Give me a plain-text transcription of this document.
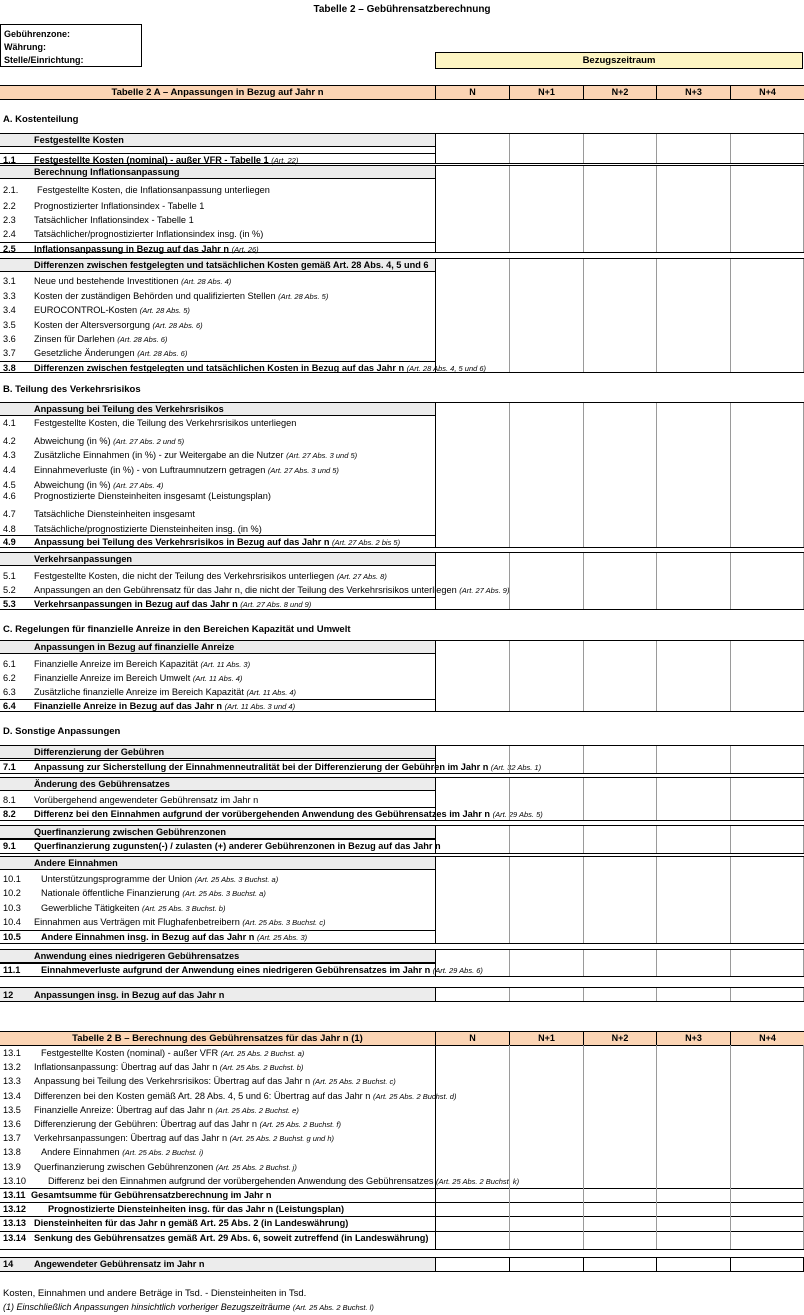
Tabelle 2 – Gebührensatzberechnung
Gebührenzone:
Währung:
Stelle/Einrichtung:	Bezugszeitraum
Tabelle 2 A – Anpassungen in Bezug auf Jahr n	N	N+1	N+2	N+3	N+4
A. Kostenteilung
B. Teilung des Verkehrsrisikos
C. Regelungen für finanzielle Anreize in den Bereichen Kapazität und Umwelt
D. Sonstige Anpassungen
Festgestellte Kosten
1.1 Festgestellte Kosten (nominal) - außer VFR - Tabelle 1 (Art. 22)
Berechnung Inflationsanpassung
2.1. Festgestellte Kosten, die Inflationsanpassung unterliegen
2.2 Prognostizierter Inflationsindex - Tabelle 1
2.3 Tatsächlicher Inflationsindex - Tabelle 1
2.4 Tatsächlicher/prognostizierter Inflationsindex insg. (in %)
2.5 Inflationsanpassung in Bezug auf das Jahr n (Art. 26)
Differenzen zwischen festgelegten und tatsächlichen Kosten gemäß Art. 28 Abs. 4, 5 und 6
3.1 Neue und bestehende Investitionen (Art. 28 Abs. 4)
3.3 Kosten der zuständigen Behörden und qualifizierten Stellen (Art. 28 Abs. 5)
3.4 EUROCONTROL-Kosten (Art. 28 Abs. 5)
3.5 Kosten der Altersversorgung (Art. 28 Abs. 6)
3.6 Zinsen für Darlehen (Art. 28 Abs. 6)
3.7 Gesetzliche Änderungen (Art. 28 Abs. 6)
3.8 Differenzen zwischen festgelegten und tatsächlichen Kosten in Bezug auf das Jahr n (Art. 28 Abs. 4, 5 und 6)
Anpassung bei Teilung des Verkehrsrisikos
4.1 Festgestellte Kosten, die Teilung des Verkehrsrisikos unterliegen
4.2 Abweichung (in %) (Art. 27 Abs. 2 und 5)
4.3 Zusätzliche Einnahmen (in %) - zur Weitergabe an die Nutzer (Art. 27 Abs. 3 und 5)
4.4 Einnahmeverluste (in %) - von Luftraumnutzern getragen (Art. 27 Abs. 3 und 5)
4.5 Abweichung (in %) (Art. 27 Abs. 4)
4.6 Prognostizierte Diensteinheiten insgesamt (Leistungsplan)
4.7 Tatsächliche Diensteinheiten insgesamt
4.8 Tatsächliche/prognostizierte Diensteinheiten insg. (in %)
4.9 Anpassung bei Teilung des Verkehrsrisikos in Bezug auf das Jahr n (Art. 27 Abs. 2 bis 5)
Verkehrsanpassungen
5.1 Festgestellte Kosten, die nicht der Teilung des Verkehrsrisikos unterliegen (Art. 27 Abs. 8)
5.2 Anpassungen an den Gebührensatz für das Jahr n, die nicht der Teilung des Verkehrsrisikos unterliegen (Art. 27 Abs. 9)
5.3 Verkehrsanpassungen in Bezug auf das Jahr n (Art. 27 Abs. 8 und 9)
Anpassungen in Bezug auf finanzielle Anreize
6.1 Finanzielle Anreize im Bereich Kapazität (Art. 11 Abs. 3)
6.2 Finanzielle Anreize im Bereich Umwelt (Art. 11 Abs. 4)
6.3 Zusätzliche finanzielle Anreize im Bereich Kapazität (Art. 11 Abs. 4)
6.4 Finanzielle Anreize in Bezug auf das Jahr n (Art. 11 Abs. 3 und 4)
Differenzierung der Gebühren
7.1 Anpassung zur Sicherstellung der Einnahmenneutralität bei der Differenzierung der Gebühren im Jahr n (Art. 32 Abs. 1)
Änderung des Gebührensatzes
8.1 Vorübergehend angewendeter Gebührensatz im Jahr n
8.2 Differenz bei den Einnahmen aufgrund der vorübergehenden Anwendung des Gebührensatzes im Jahr n (Art. 29 Abs. 5)
Querfinanzierung zwischen Gebührenzonen
9.1 Querfinanzierung zugunsten(-) / zulasten (+) anderer Gebührenzonen in Bezug auf das Jahr n
Andere Einnahmen
10.1 Unterstützungsprogramme der Union (Art. 25 Abs. 3 Buchst. a)
10.2 Nationale öffentliche Finanzierung (Art. 25 Abs. 3 Buchst. a)
10.3 Gewerbliche Tätigkeiten (Art. 25 Abs. 3 Buchst. b)
10.4 Einnahmen aus Verträgen mit Flughafenbetreibern (Art. 25 Abs. 3 Buchst. c)
10.5 Andere Einnahmen insg. in Bezug auf das Jahr n (Art. 25 Abs. 3)
Anwendung eines niedrigeren Gebührensatzes
11.1 Einnahmeverluste aufgrund der Anwendung eines niedrigeren Gebührensatzes im Jahr n (Art. 29 Abs. 6)
12 Anpassungen insg. in Bezug auf das Jahr n
Tabelle 2 B – Berechnung des Gebührensatzes für das Jahr n (1)	N	N+1	N+2	N+3	N+4
13.1 Festgestellte Kosten (nominal) - außer VFR (Art. 25 Abs. 2 Buchst. a)
13.2 Inflationsanpassung: Übertrag auf das Jahr n (Art. 25 Abs. 2 Buchst. b)
13.3 Anpassung bei Teilung des Verkehrsrisikos: Übertrag auf das Jahr n (Art. 25 Abs. 2 Buchst. c)
13.4 Differenzen bei den Kosten gemäß Art. 28 Abs. 4, 5 und 6: Übertrag auf das Jahr n (Art. 25 Abs. 2 Buchst. d)
13.5 Finanzielle Anreize: Übertrag auf das Jahr n (Art. 25 Abs. 2 Buchst. e)
13.6 Differenzierung der Gebühren: Übertrag auf das Jahr n (Art. 25 Abs. 2 Buchst. f)
13.7 Verkehrsanpassungen: Übertrag auf das Jahr n (Art. 25 Abs. 2 Buchst. g und h)
13.8 Andere Einnahmen (Art. 25 Abs. 2 Buchst. i)
13.9 Querfinanzierung zwischen Gebührenzonen (Art. 25 Abs. 2 Buchst. j)
13.10 Differenz bei den Einnahmen aufgrund der vorübergehenden Anwendung des Gebührensatzes (Art. 25 Abs. 2 Buchst. k)
13.11 Gesamtsumme für Gebührensatzberechnung im Jahr n
13.12 Prognostizierte Diensteinheiten insg. für das Jahr n (Leistungsplan)
13.13 Diensteinheiten für das Jahr n gemäß Art. 25 Abs. 2 (in Landeswährung)
13.14 Senkung des Gebührensatzes gemäß Art. 29 Abs. 6, soweit zutreffend (in Landeswährung)
14 Angewendeter Gebührensatz im Jahr n
Kosten, Einnahmen und andere Beträge in Tsd. - Diensteinheiten in Tsd.
(1) Einschließlich Anpassungen hinsichtlich vorheriger Bezugszeiträume (Art. 25 Abs. 2 Buchst. l)
